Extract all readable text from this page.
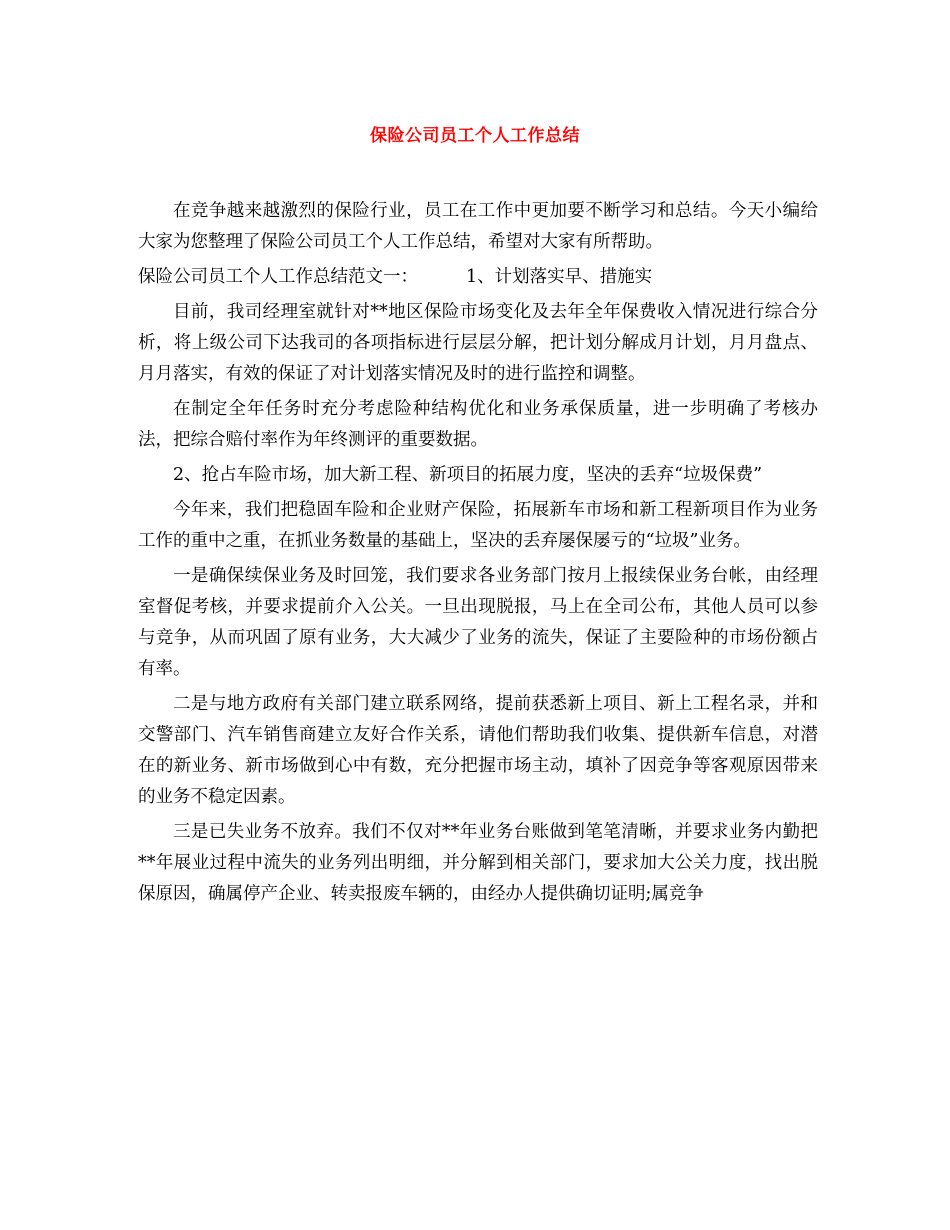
保险公司员工个人工作总结

在竞争越来越激烈的保险行业，员工在工作中更加要不断学习和总结。今天小编给大家为您整理了保险公司员工个人工作总结，希望对大家有所帮助。

保险公司员工个人工作总结范文一：	1、计划落实早、措施实

目前，我司经理室就针对**地区保险市场变化及去年全年保费收入情况进行综合分析，将上级公司下达我司的各项指标进行层层分解，把计划分解成月计划，月月盘点、月月落实，有效的保证了对计划落实情况及时的进行监控和调整。

在制定全年任务时充分考虑险种结构优化和业务承保质量，进一步明确了考核办法，把综合赔付率作为年终测评的重要数据。

2、抢占车险市场，加大新工程、新项目的拓展力度，坚决的丢弃“垃圾保费”

今年来，我们把稳固车险和企业财产保险，拓展新车市场和新工程新项目作为业务工作的重中之重，在抓业务数量的基础上，坚决的丢弃屡保屡亏的“垃圾”业务。

一是确保续保业务及时回笼，我们要求各业务部门按月上报续保业务台帐，由经理室督促考核，并要求提前介入公关。一旦出现脱报，马上在全司公布，其他人员可以参与竞争，从而巩固了原有业务，大大减少了业务的流失，保证了主要险种的市场份额占有率。

二是与地方政府有关部门建立联系网络，提前获悉新上项目、新上工程名录，并和交警部门、汽车销售商建立友好合作关系，请他们帮助我们收集、提供新车信息，对潜在的新业务、新市场做到心中有数，充分把握市场主动，填补了因竞争等客观原因带来的业务不稳定因素。

三是已失业务不放弃。我们不仅对**年业务台账做到笔笔清晰，并要求业务内勤把**年展业过程中流失的业务列出明细，并分解到相关部门，要求加大公关力度，找出脱保原因，确属停产企业、转卖报废车辆的，由经办人提供确切证明;属竞争
